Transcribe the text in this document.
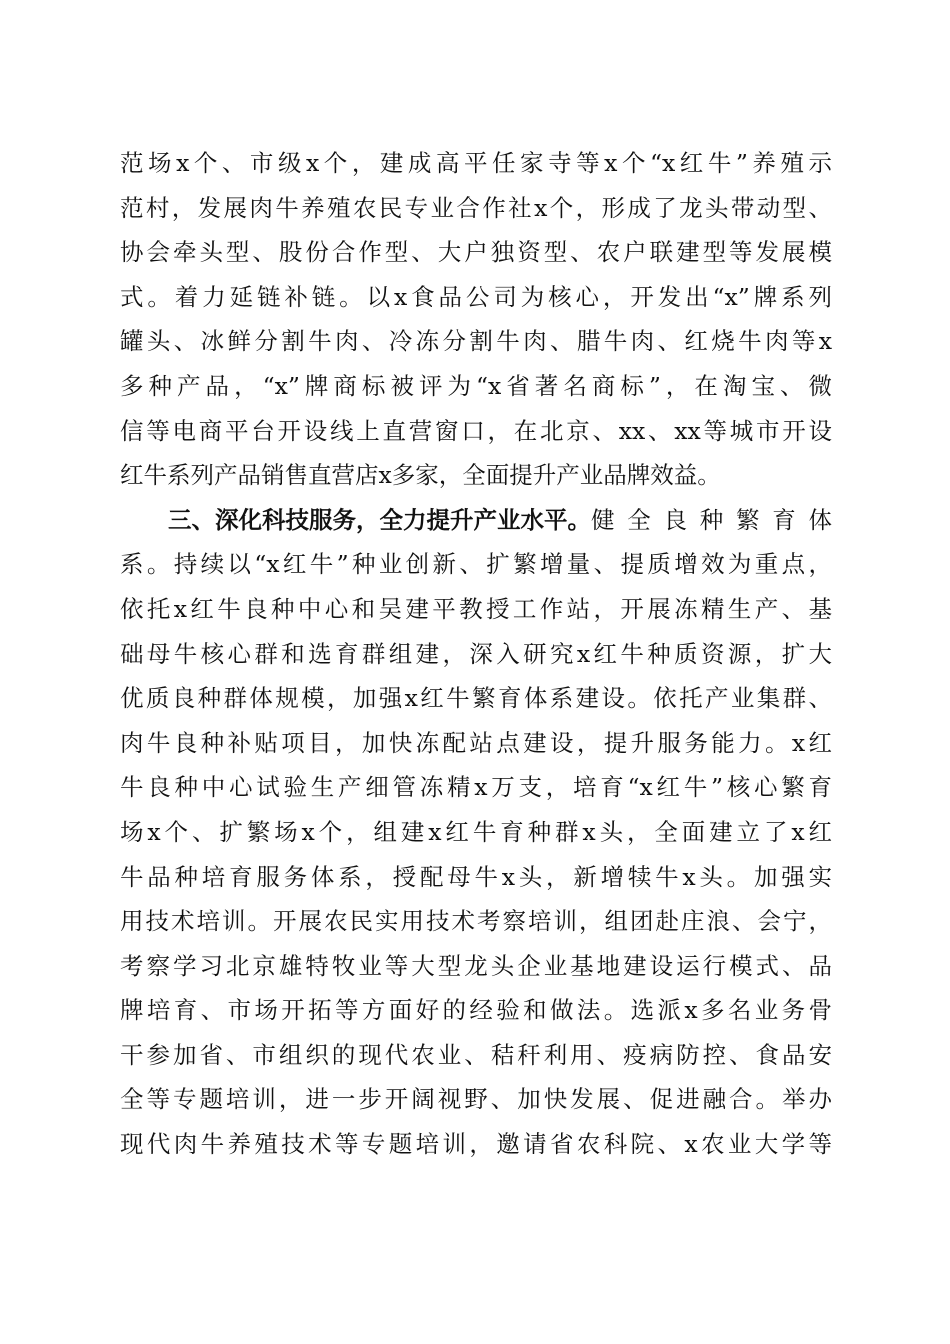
范场x个、市级x个，建成高平任家寺等x个“x红牛”养殖示
范村，发展肉牛养殖农民专业合作社x个，形成了龙头带动型、
协会牵头型、股份合作型、大户独资型、农户联建型等发展模
式。着力延链补链。以x食品公司为核心，开发出“x”牌系列
罐头、冰鲜分割牛肉、冷冻分割牛肉、腊牛肉、红烧牛肉等x
多种产品，“x”牌商标被评为“x省著名商标”，在淘宝、微
信等电商平台开设线上直营窗口，在北京、xx、xx等城市开设
红牛系列产品销售直营店x多家，全面提升产业品牌效益。
三、深化科技服务，全力提升产业水平。 健全良种繁育体
系。持续以“x红牛”种业创新、扩繁增量、提质增效为重点，
依托x红牛良种中心和吴建平教授工作站，开展冻精生产、基
础母牛核心群和选育群组建，深入研究x红牛种质资源，扩大
优质良种群体规模，加强x红牛繁育体系建设。依托产业集群、
肉牛良种补贴项目，加快冻配站点建设，提升服务能力。x红
牛良种中心试验生产细管冻精x万支，培育“x红牛”核心繁育
场x个、扩繁场x个，组建x红牛育种群x头，全面建立了x红
牛品种培育服务体系，授配母牛x头，新增犊牛x头。加强实
用技术培训。开展农民实用技术考察培训，组团赴庄浪、会宁，
考察学习北京雄特牧业等大型龙头企业基地建设运行模式、品
牌培育、市场开拓等方面好的经验和做法。选派x多名业务骨
干参加省、市组织的现代农业、秸秆利用、疫病防控、食品安
全等专题培训，进一步开阔视野、加快发展、促进融合。举办
现代肉牛养殖技术等专题培训，邀请省农科院、x农业大学等
